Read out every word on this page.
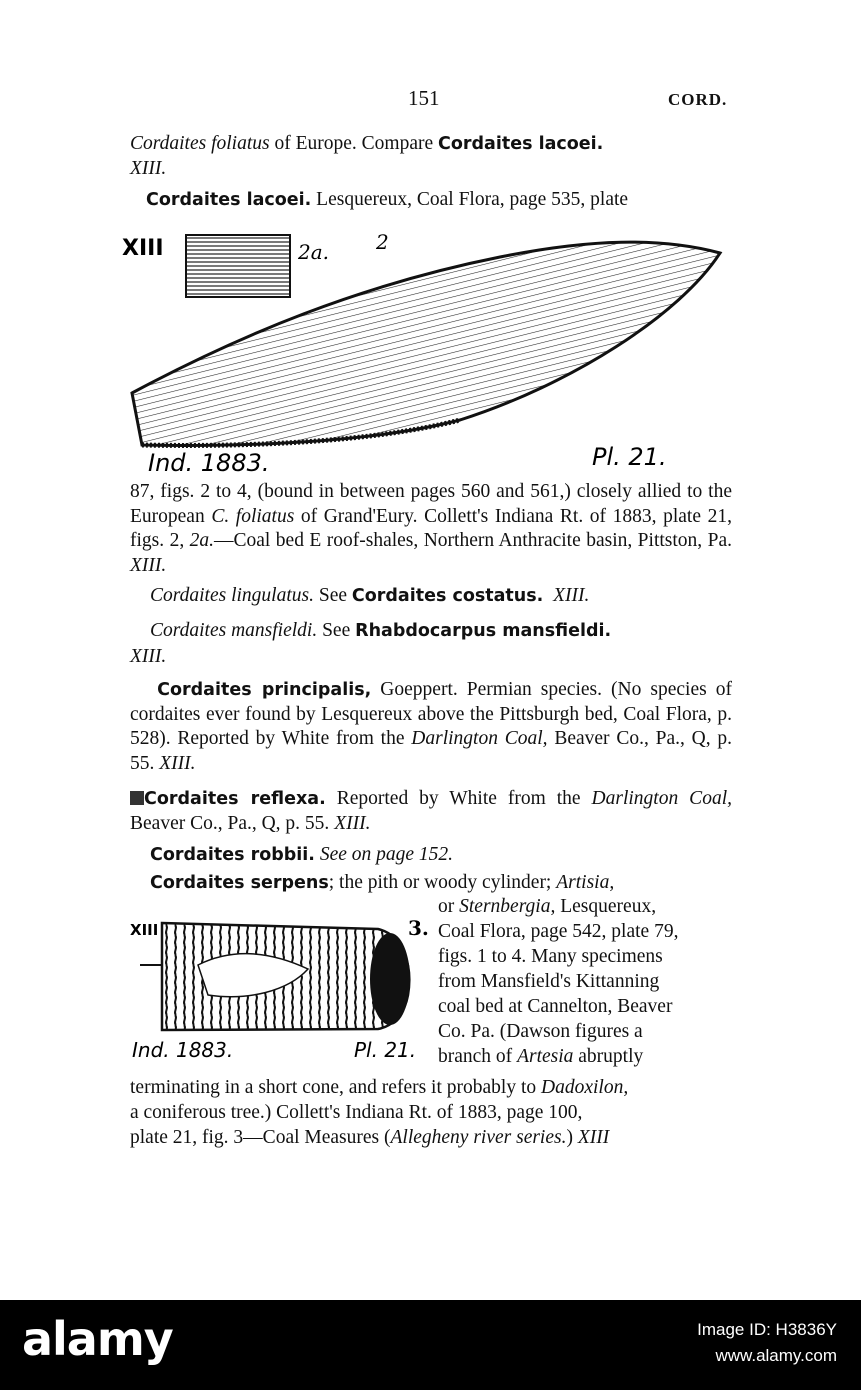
151	CORD.
Cordaites foliatus of Europe. Compare Cordaites lacoei.
XIII.
Cordaites lacoei. Lesquereux, Coal Flora, page 535, plate
XIII	2a. 2
Ind. 1883.	Pl. 21.
87, figs. 2 to 4, (bound in between pages 560 and 561,) closely allied to the European C. foliatus of Grand'Eury. Collett's Indiana Rt. of 1883, plate 21, figs. 2, 2a.—Coal bed E roof-shales, Northern Anthracite basin, Pittston, Pa. XIII.
Cordaites lingulatus. See Cordaites costatus. XIII.
Cordaites mansfieldi. See Rhabdocarpus mansfieldi.
XIII.
Cordaites principalis, Goeppert. Permian species. (No species of cordaites ever found by Lesquereux above the Pittsburgh bed, Coal Flora, p. 528). Reported by White from the Darlington Coal, Beaver Co., Pa., Q, p. 55. XIII.
Cordaites reflexa. Reported by White from the Darlington Coal, Beaver Co., Pa., Q, p. 55. XIII.
Cordaites robbii. See on page 152.
Cordaites serpens; the pith or woody cylinder; Artisia,
or Sternbergia, Lesquereux,
Coal Flora, page 542, plate 79,
figs. 1 to 4. Many specimens
from Mansfield's Kittanning
coal bed at Cannelton, Beaver
Co. Pa. (Dawson figures a
branch of Artesia abruptly
XIII	3.
Ind. 1883.	Pl. 21.
terminating in a short cone, and refers it probably to Dadoxilon,
a coniferous tree.) Collett's Indiana Rt. of 1883, page 100,
plate 21, fig. 3—Coal Measures (Allegheny river series.) XIII
alamy	Image ID: H3836Y
www.alamy.com
